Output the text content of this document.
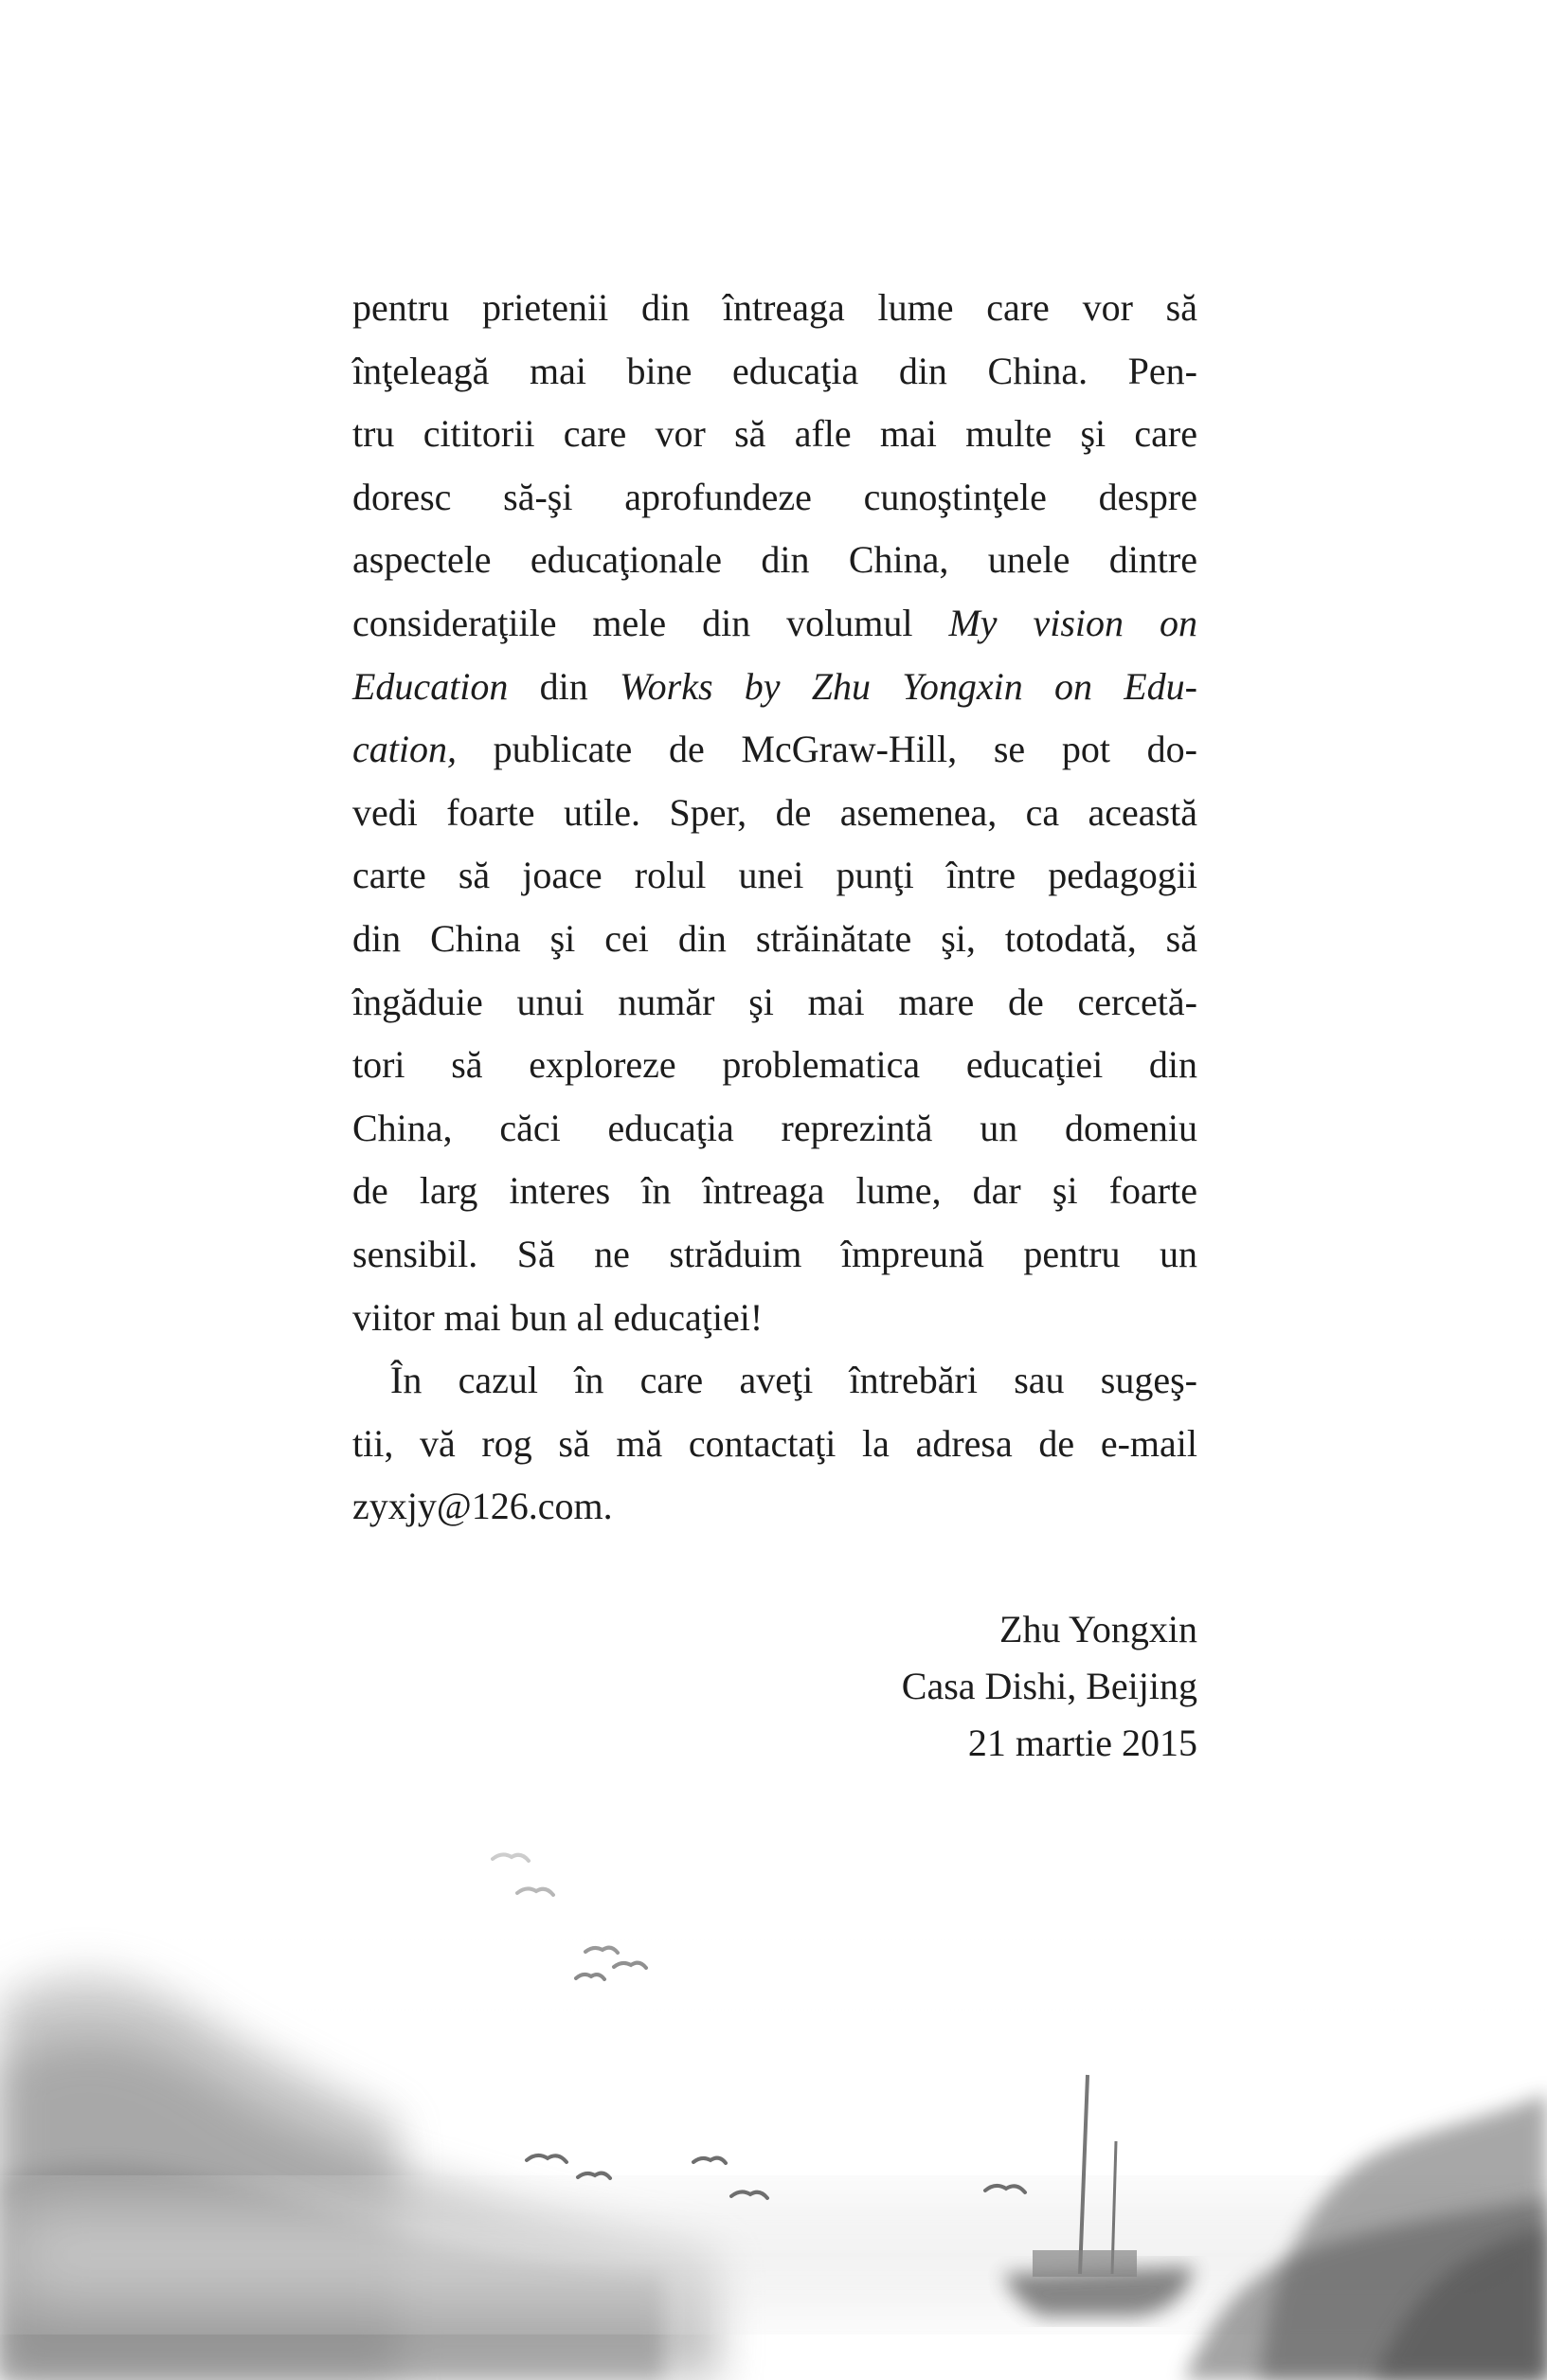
pentru prietenii din întreaga lume care vor să
înţeleagă mai bine educaţia din China. Pen-
tru cititorii care vor să afle mai multe şi care
doresc să-şi aprofundeze cunoştinţele despre
aspectele educaţionale din China, unele dintre
consideraţiile mele din volumul My vision on
Education din Works by Zhu Yongxin on Edu-
cation, publicate de McGraw-Hill, se pot do-
vedi foarte utile. Sper, de asemenea, ca această
carte să joace rolul unei punţi între pedagogii
din China şi cei din străinătate şi, totodată, să
îngăduie unui număr şi mai mare de cercetă-
tori să exploreze problematica educaţiei din
China, căci educaţia reprezintă un domeniu
de larg interes în întreaga lume, dar şi foarte
sensibil. Să ne străduim împreună pentru un
viitor mai bun al educaţiei!

În cazul în care aveţi întrebări sau sugeş-
tii, vă rog să mă contactaţi la adresa de e-mail
zyxjy@126.com.

Zhu Yongxin
Casa Dishi, Beijing
21 martie 2015
